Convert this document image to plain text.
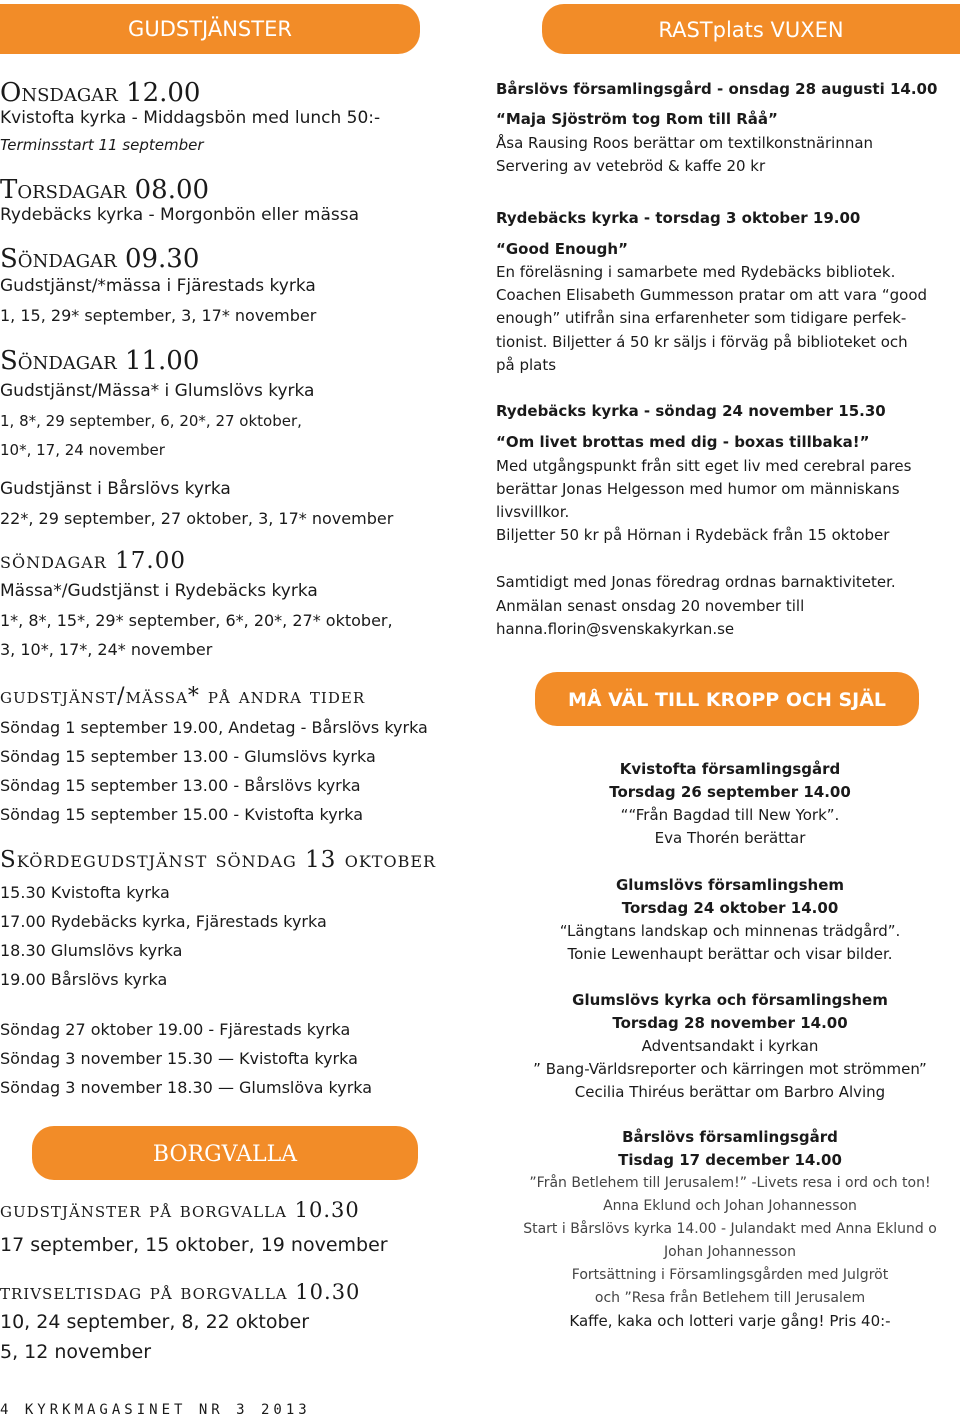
GUDSTJÄNSTER
Onsdagar 12.00
Kvistofta kyrka - Middagsbön med lunch 50:-
Terminsstart 11 september
Torsdagar 08.00
Rydebäcks kyrka - Morgonbön eller mässa
Söndagar 09.30
Gudstjänst/*mässa i Fjärestads kyrka
1, 15, 29* september, 3, 17* november
Söndagar 11.00
Gudstjänst/Mässa* i Glumslövs kyrka
1, 8*, 29 september, 6, 20*, 27 oktober,
10*, 17, 24 november
Gudstjänst i Bårslövs kyrka
22*, 29 september, 27 oktober, 3, 17* november
söndagar 17.00
Mässa*/Gudstjänst i Rydebäcks kyrka
1*, 8*, 15*, 29* september, 6*, 20*, 27* oktober,
3, 10*, 17*, 24* november
gudstjänst/mässa* på andra tider
Söndag 1 september 19.00, Andetag - Bårslövs kyrka
Söndag 15 september 13.00 - Glumslövs kyrka
Söndag 15 september 13.00 - Bårslövs kyrka
Söndag 15 september 15.00 - Kvistofta kyrka
Skördegudstjänst söndag 13 oktober
15.30 Kvistofta kyrka
17.00 Rydebäcks kyrka, Fjärestads kyrka
18.30 Glumslövs kyrka
19.00 Bårslövs kyrka
Söndag 27 oktober 19.00 - Fjärestads kyrka
Söndag 3 november 15.30 — Kvistofta kyrka
Söndag 3 november 18.30 — Glumslöva kyrka
BORGVALLA
gudstjänster på borgvalla 10.30
17 september, 15 oktober, 19 november
trivseltisdag på borgvalla 10.30
10, 24 september, 8, 22 oktober
5, 12 november
4 KYRKMAGASINET NR 3 2013
RASTplats VUXEN
Bårslövs församlingsgård - onsdag 28 augusti 14.00
“Maja Sjöström tog Rom till Råå”
Åsa Rausing Roos berättar om textilkonstnärinnan
Servering av vetebröd & kaffe 20 kr
Rydebäcks kyrka - torsdag 3 oktober 19.00
“Good Enough”
En föreläsning i samarbete med Rydebäcks bibliotek.
Coachen Elisabeth Gummesson pratar om att vara “good
enough” utifrån sina erfarenheter som tidigare perfek-
tionist. Biljetter á 50 kr säljs i förväg på biblioteket och
på plats
Rydebäcks kyrka - söndag 24 november 15.30
“Om livet brottas med dig - boxas tillbaka!”
Med utgångspunkt från sitt eget liv med cerebral pares
berättar Jonas Helgesson med humor om människans
livsvillkor.
Biljetter 50 kr på Hörnan i Rydebäck från 15 oktober
Samtidigt med Jonas föredrag ordnas barnaktiviteter.
Anmälan senast onsdag 20 november till
hanna.florin@svenskakyrkan.se
MÅ VÄL TILL KROPP OCH SJÄL
Kvistofta församlingsgård
Torsdag 26 september 14.00
““Från Bagdad till New York”.
Eva Thorén berättar
Glumslövs församlingshem
Torsdag 24 oktober 14.00
“Längtans landskap och minnenas trädgård”.
Tonie Lewenhaupt berättar och visar bilder.
Glumslövs kyrka och församlingshem
Torsdag 28 november 14.00
Adventsandakt i kyrkan
” Bang-Världsreporter och kärringen mot strömmen”
Cecilia Thiréus berättar om Barbro Alving
Bårslövs församlingsgård
Tisdag 17 december 14.00
”Från Betlehem till Jerusalem!” -Livets resa i ord och ton!
Anna Eklund och Johan Johannesson
Start i Bårslövs kyrka 14.00 - Julandakt med Anna Eklund o
Johan Johannesson
Fortsättning i Församlingsgården med Julgröt
och ”Resa från Betlehem till Jerusalem
Kaffe, kaka och lotteri varje gång! Pris 40:-
